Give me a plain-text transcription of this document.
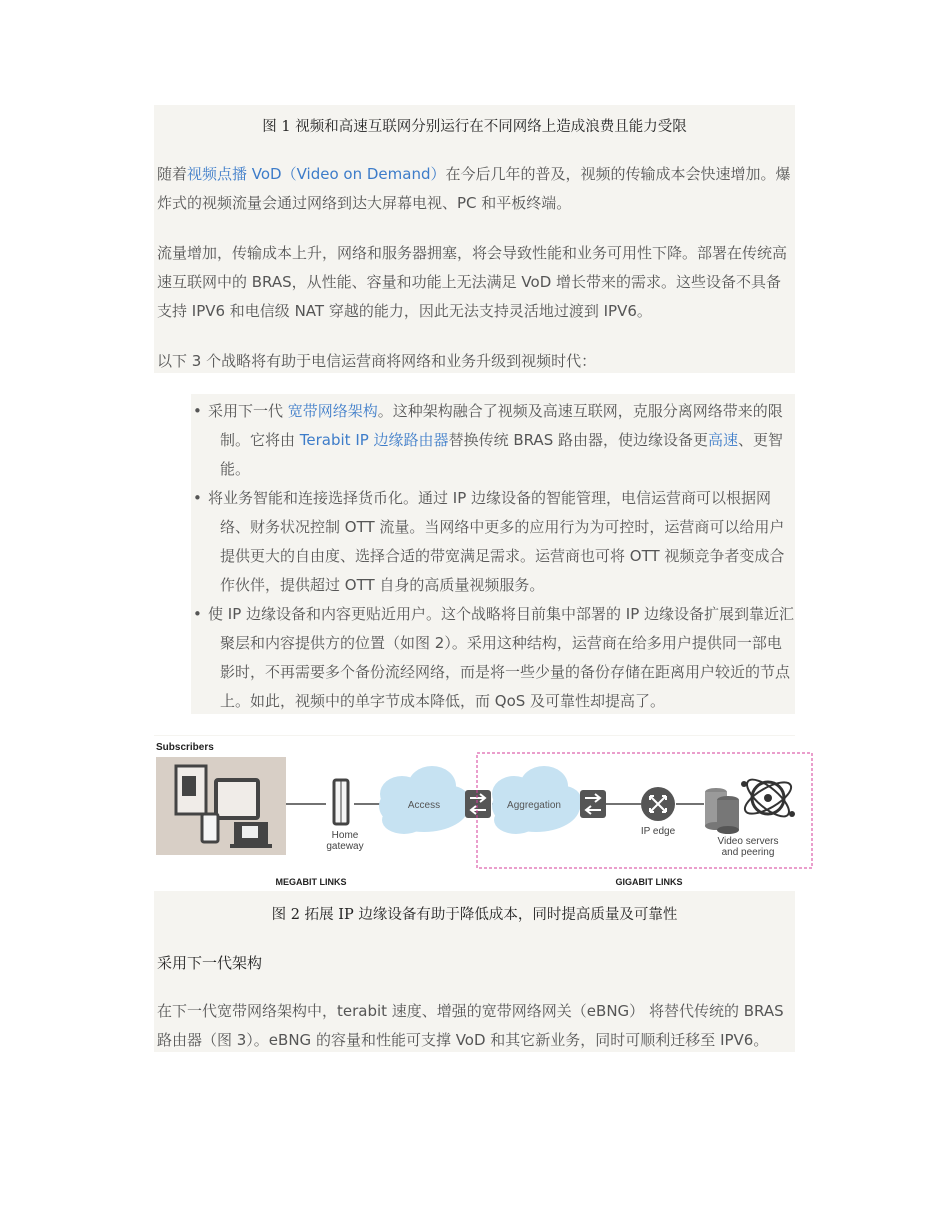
图 1 视频和高速互联网分别运行在不同网络上造成浪费且能力受限
随着视频点播 VoD（Video on Demand）在今后几年的普及，视频的传输成本会快速增加。爆炸式的视频流量会通过网络到达大屏幕电视、PC 和平板终端。
流量增加，传输成本上升，网络和服务器拥塞，将会导致性能和业务可用性下降。部署在传统高速互联网中的 BRAS，从性能、容量和功能上无法满足 VoD 增长带来的需求。这些设备不具备支持 IPV6 和电信级 NAT 穿越的能力，因此无法支持灵活地过渡到 IPV6。
以下 3 个战略将有助于电信运营商将网络和业务升级到视频时代：
• 采用下一代 宽带网络架构。这种架构融合了视频及高速互联网，克服分离网络带来的限制。它将由 Terabit IP 边缘路由器替换传统 BRAS 路由器，使边缘设备更高速、更智能。
• 将业务智能和连接选择货币化。通过 IP 边缘设备的智能管理，电信运营商可以根据网络、财务状况控制 OTT 流量。当网络中更多的应用行为为可控时，运营商可以给用户提供更大的自由度、选择合适的带宽满足需求。运营商也可将 OTT 视频竞争者变成合作伙伴，提供超过 OTT 自身的高质量视频服务。
• 使 IP 边缘设备和内容更贴近用户。这个战略将目前集中部署的 IP 边缘设备扩展到靠近汇聚层和内容提供方的位置（如图 2）。采用这种结构，运营商在给多用户提供同一部电影时，不再需要多个备份流经网络，而是将一些少量的备份存储在距离用户较近的节点上。如此，视频中的单字节成本降低，而 QoS 及可靠性却提高了。
Subscribers
Home
gateway
Access	Aggregation
IP edge
Video servers
and peering
MEGABIT LINKS	GIGABIT LINKS
图 2 拓展 IP 边缘设备有助于降低成本，同时提高质量及可靠性
采用下一代架构
在下一代宽带网络架构中，terabit 速度、增强的宽带网络网关（eBNG） 将替代传统的 BRAS 路由器（图 3）。eBNG 的容量和性能可支撑 VoD 和其它新业务，同时可顺利迁移至 IPV6。
